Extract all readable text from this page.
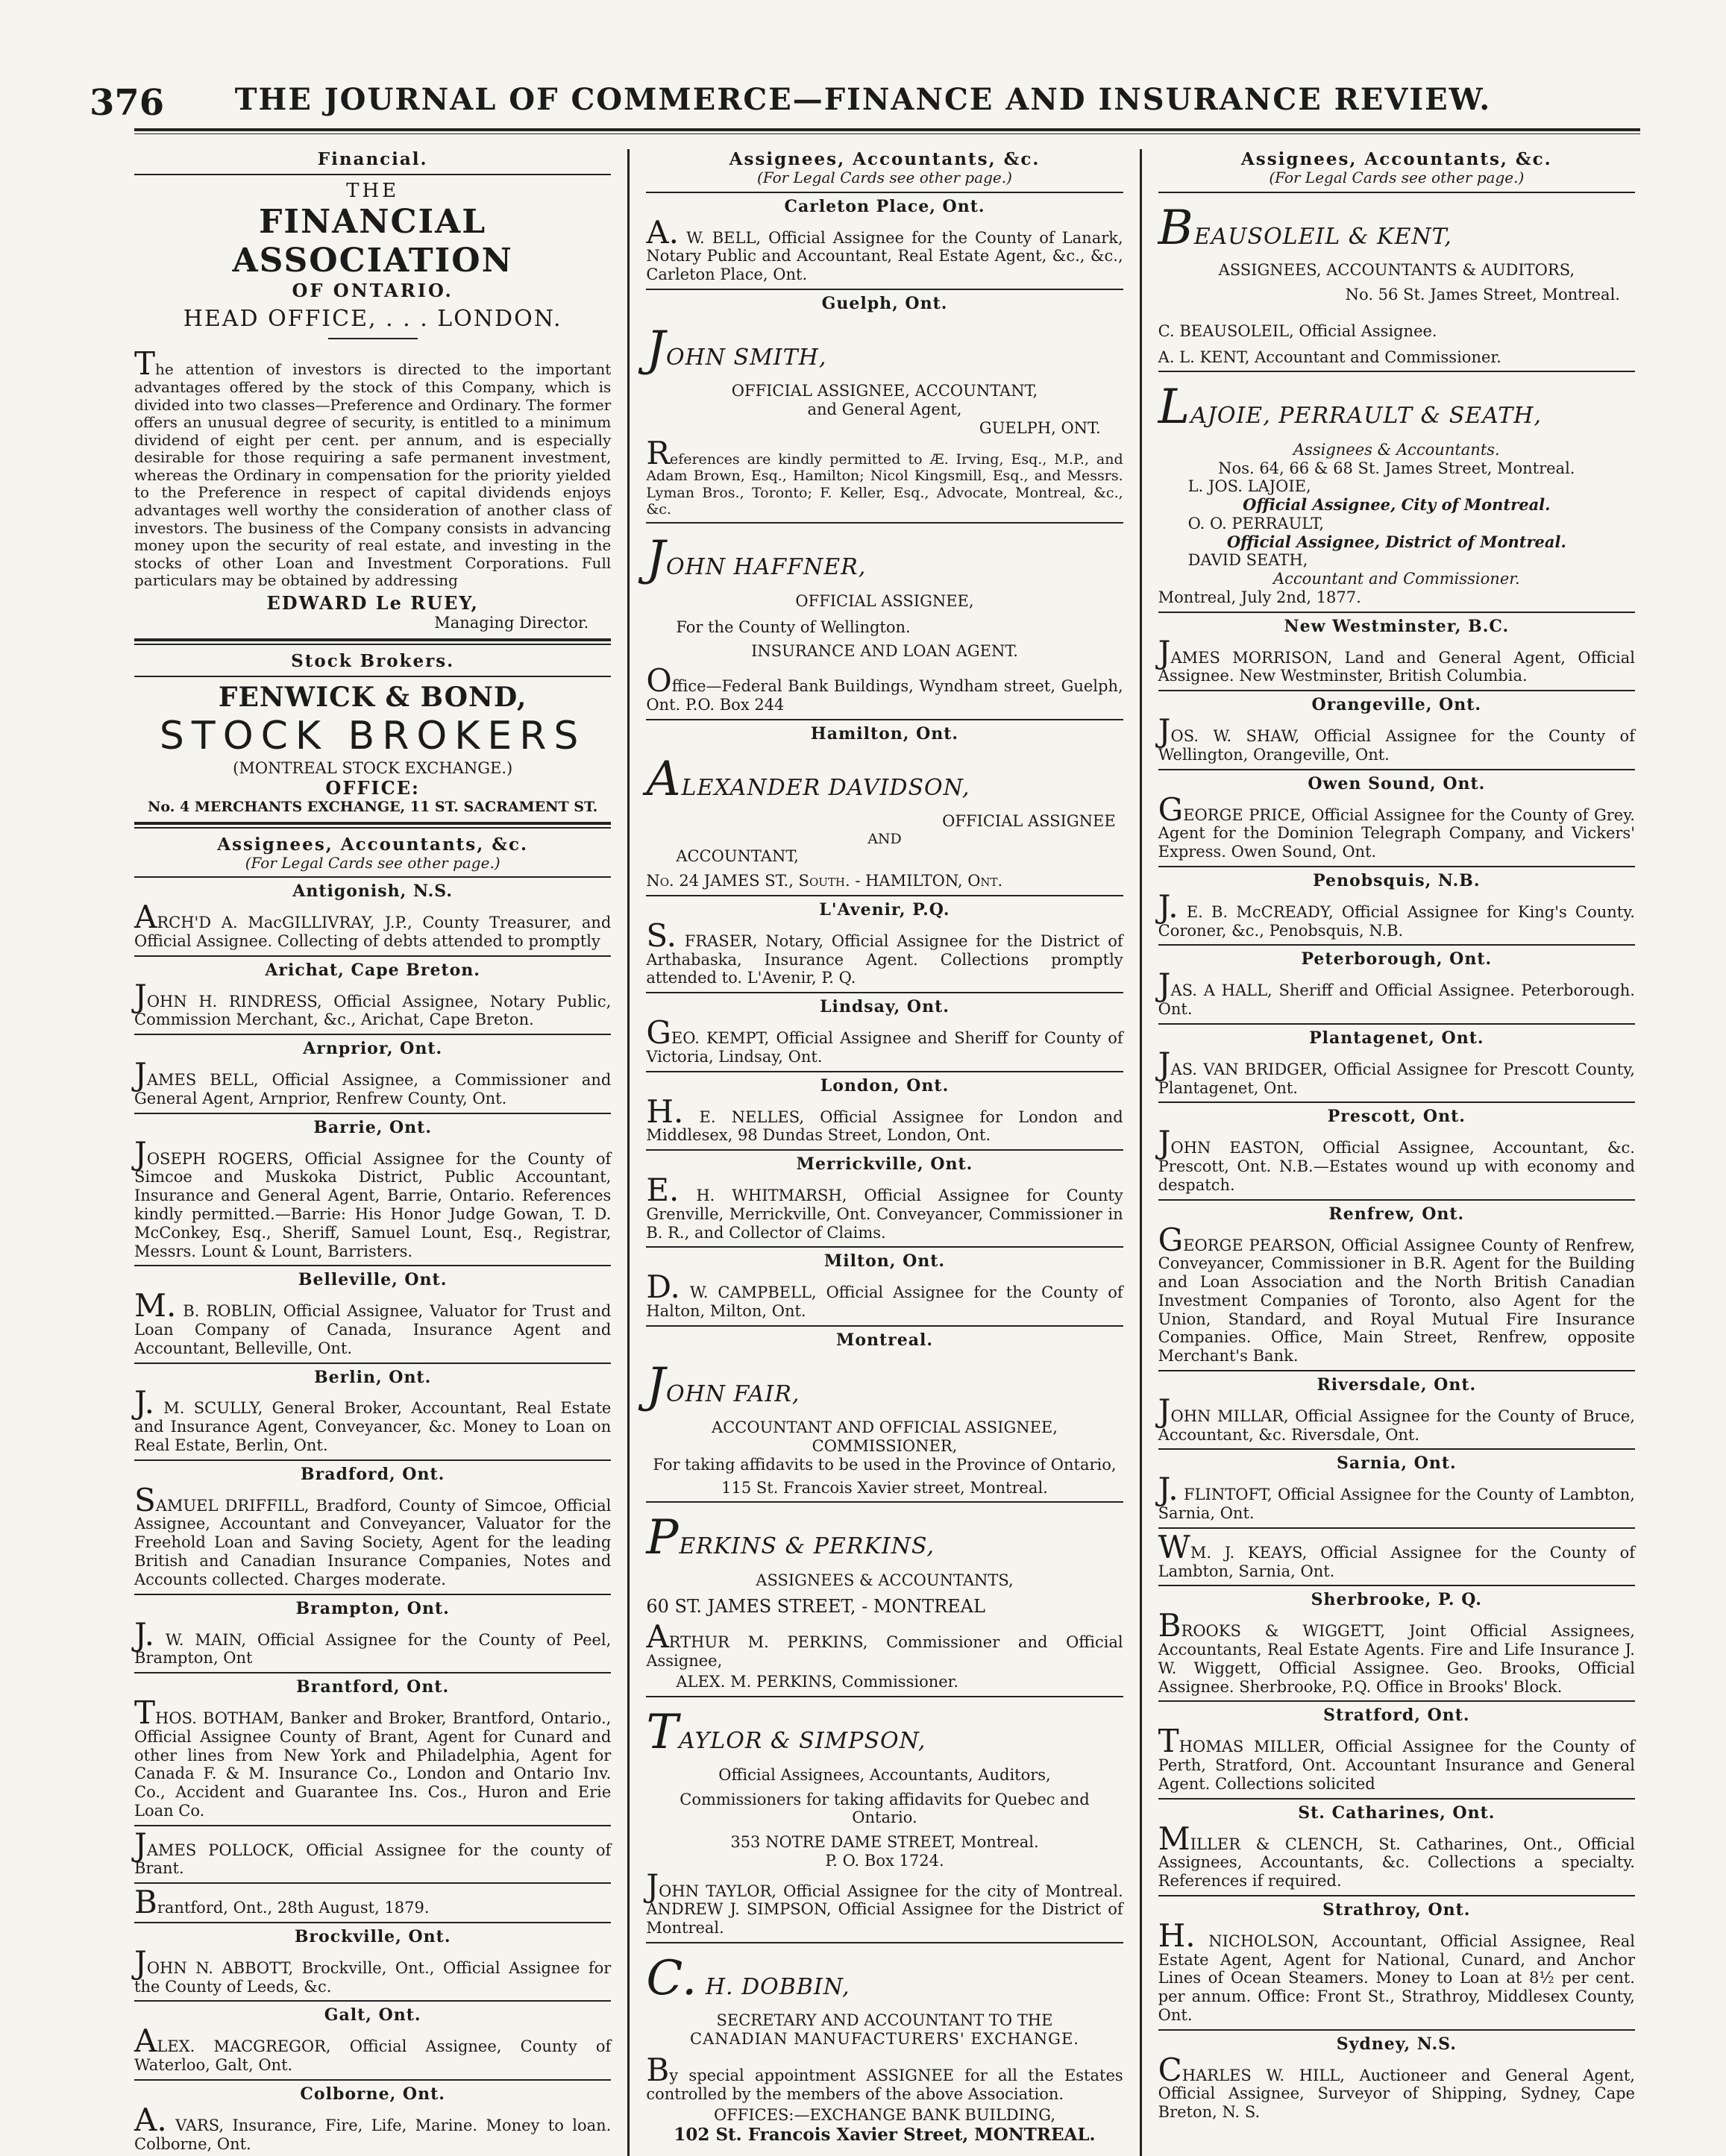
376	THE JOURNAL OF COMMERCE—FINANCE AND INSURANCE REVIEW.
Financial.
THE
FINANCIAL ASSOCIATION
OF ONTARIO.
HEAD OFFICE, . . . LONDON.
The attention of investors is directed to the important advantages offered by the stock of this Company, which is divided into two classes—Preference and Ordinary. The former offers an unusual degree of security, is entitled to a minimum dividend of eight per cent. per annum, and is especially desirable for those requiring a safe permanent investment, whereas the Ordinary in compensation for the priority yielded to the Preference in respect of capital dividends enjoys advantages well worthy the consideration of another class of investors. The business of the Company consists in advancing money upon the security of real estate, and investing in the stocks of other Loan and Investment Corporations. Full particulars may be obtained by addressing
EDWARD Le RUEY,
Managing Director.
Stock Brokers.
FENWICK & BOND,
STOCK BROKERS
(MONTREAL STOCK EXCHANGE.)
OFFICE:
No. 4 MERCHANTS EXCHANGE, 11 ST. SACRAMENT ST.
Assignees, Accountants, &c.
(For Legal Cards see other page.)
Antigonish, N.S.
ARCH'D A. MacGILLIVRAY, J.P., County Treasurer, and Official Assignee. Collecting of debts attended to promptly
Arichat, Cape Breton.
JOHN H. RINDRESS, Official Assignee, Notary Public, Commission Merchant, &c., Arichat, Cape Breton.
Arnprior, Ont.
JAMES BELL, Official Assignee, a Commissioner and General Agent, Arnprior, Renfrew County, Ont.
Barrie, Ont.
JOSEPH ROGERS, Official Assignee for the County of Simcoe and Muskoka District, Public Accountant, Insurance and General Agent, Barrie, Ontario. References kindly permitted.—Barrie: His Honor Judge Gowan, T. D. McConkey, Esq., Sheriff, Samuel Lount, Esq., Registrar, Messrs. Lount & Lount, Barristers.
Belleville, Ont.
M. B. ROBLIN, Official Assignee, Valuator for Trust and Loan Company of Canada, Insurance Agent and Accountant, Belleville, Ont.
Berlin, Ont.
J. M. SCULLY, General Broker, Accountant, Real Estate and Insurance Agent, Conveyancer, &c. Money to Loan on Real Estate, Berlin, Ont.
Bradford, Ont.
SAMUEL DRIFFILL, Bradford, County of Simcoe, Official Assignee, Accountant and Conveyancer, Valuator for the Freehold Loan and Saving Society, Agent for the leading British and Canadian Insurance Companies, Notes and Accounts collected. Charges moderate.
Brampton, Ont.
J. W. MAIN, Official Assignee for the County of Peel, Brampton, Ont
Brantford, Ont.
THOS. BOTHAM, Banker and Broker, Brantford, Ontario., Official Assignee County of Brant, Agent for Cunard and other lines from New York and Philadelphia, Agent for Canada F. & M. Insurance Co., London and Ontario Inv. Co., Accident and Guarantee Ins. Cos., Huron and Erie Loan Co.
JAMES POLLOCK, Official Assignee for the county of Brant.
Brantford, Ont., 28th August, 1879.
Brockville, Ont.
JOHN N. ABBOTT, Brockville, Ont., Official Assignee for the County of Leeds, &c.
Galt, Ont.
ALEX. MACGREGOR, Official Assignee, County of Waterloo, Galt, Ont.
Colborne, Ont.
A. VARS, Insurance, Fire, Life, Marine. Money to loan. Colborne, Ont.
Assignees, Accountants, &c.
(For Legal Cards see other page.)
Carleton Place, Ont.
A. W. BELL, Official Assignee for the County of Lanark, Notary Public and Accountant, Real Estate Agent, &c., &c., Carleton Place, Ont.
Guelph, Ont.
JOHN SMITH,
OFFICIAL ASSIGNEE, ACCOUNTANT,
and General Agent,
GUELPH, ONT.
References are kindly permitted to Æ. Irving, Esq., M.P., and Adam Brown, Esq., Hamilton; Nicol Kingsmill, Esq., and Messrs. Lyman Bros., Toronto; F. Keller, Esq., Advocate, Montreal, &c., &c.
JOHN HAFFNER,
OFFICIAL ASSIGNEE,
For the County of Wellington.
INSURANCE AND LOAN AGENT.
Office—Federal Bank Buildings, Wyndham street, Guelph, Ont. P.O. Box 244
Hamilton, Ont.
ALEXANDER DAVIDSON,
OFFICIAL ASSIGNEE
AND
ACCOUNTANT,
No. 24 JAMES ST., South. - HAMILTON, Ont.
L'Avenir, P.Q.
S. FRASER, Notary, Official Assignee for the District of Arthabaska, Insurance Agent. Collections promptly attended to. L'Avenir, P. Q.
Lindsay, Ont.
GEO. KEMPT, Official Assignee and Sheriff for County of Victoria, Lindsay, Ont.
London, Ont.
H. E. NELLES, Official Assignee for London and Middlesex, 98 Dundas Street, London, Ont.
Merrickville, Ont.
E. H. WHITMARSH, Official Assignee for County Grenville, Merrickville, Ont. Conveyancer, Commissioner in B. R., and Collector of Claims.
Milton, Ont.
D. W. CAMPBELL, Official Assignee for the County of Halton, Milton, Ont.
Montreal.
JOHN FAIR,
ACCOUNTANT AND OFFICIAL ASSIGNEE,
COMMISSIONER,
For taking affidavits to be used in the Province of Ontario,
115 St. Francois Xavier street, Montreal.
PERKINS & PERKINS,
ASSIGNEES & ACCOUNTANTS,
60 ST. JAMES STREET, - MONTREAL
ARTHUR M. PERKINS, Commissioner and Official Assignee,
ALEX. M. PERKINS, Commissioner.
TAYLOR & SIMPSON,
Official Assignees, Accountants, Auditors,
Commissioners for taking affidavits for Quebec and Ontario.
353 NOTRE DAME STREET, Montreal.
P. O. Box 1724.
JOHN TAYLOR, Official Assignee for the city of Montreal. ANDREW J. SIMPSON, Official Assignee for the District of Montreal.
C. H. DOBBIN,
SECRETARY AND ACCOUNTANT TO THE
CANADIAN MANUFACTURERS' EXCHANGE.
By special appointment ASSIGNEE for all the Estates controlled by the members of the above Association.
OFFICES:—EXCHANGE BANK BUILDING,
102 St. Francois Xavier Street, MONTREAL.
Assignees, Accountants, &c.
(For Legal Cards see other page.)
BEAUSOLEIL & KENT,
ASSIGNEES, ACCOUNTANTS & AUDITORS,
No. 56 St. James Street, Montreal.
C. BEAUSOLEIL, Official Assignee.
A. L. KENT, Accountant and Commissioner.
LAJOIE, PERRAULT & SEATH,
Assignees & Accountants.
Nos. 64, 66 & 68 St. James Street, Montreal.
L. JOS. LAJOIE,
Official Assignee, City of Montreal.
O. O. PERRAULT,
Official Assignee, District of Montreal.
DAVID SEATH,
Accountant and Commissioner.
Montreal, July 2nd, 1877.
New Westminster, B.C.
JAMES MORRISON, Land and General Agent, Official Assignee. New Westminster, British Columbia.
Orangeville, Ont.
JOS. W. SHAW, Official Assignee for the County of Wellington, Orangeville, Ont.
Owen Sound, Ont.
GEORGE PRICE, Official Assignee for the County of Grey. Agent for the Dominion Telegraph Company, and Vickers' Express. Owen Sound, Ont.
Penobsquis, N.B.
J. E. B. McCREADY, Official Assignee for King's County. Coroner, &c., Penobsquis, N.B.
Peterborough, Ont.
JAS. A HALL, Sheriff and Official Assignee. Peterborough. Ont.
Plantagenet, Ont.
JAS. VAN BRIDGER, Official Assignee for Prescott County, Plantagenet, Ont.
Prescott, Ont.
JOHN EASTON, Official Assignee, Accountant, &c. Prescott, Ont. N.B.—Estates wound up with economy and despatch.
Renfrew, Ont.
GEORGE PEARSON, Official Assignee County of Renfrew, Conveyancer, Commissioner in B.R. Agent for the Building and Loan Association and the North British Canadian Investment Companies of Toronto, also Agent for the Union, Standard, and Royal Mutual Fire Insurance Companies. Office, Main Street, Renfrew, opposite Merchant's Bank.
Riversdale, Ont.
JOHN MILLAR, Official Assignee for the County of Bruce, Accountant, &c. Riversdale, Ont.
Sarnia, Ont.
J. FLINTOFT, Official Assignee for the County of Lambton, Sarnia, Ont.
WM. J. KEAYS, Official Assignee for the County of Lambton, Sarnia, Ont.
Sherbrooke, P. Q.
BROOKS & WIGGETT, Joint Official Assignees, Accountants, Real Estate Agents. Fire and Life Insurance J. W. Wiggett, Official Assignee. Geo. Brooks, Official Assignee. Sherbrooke, P.Q. Office in Brooks' Block.
Stratford, Ont.
THOMAS MILLER, Official Assignee for the County of Perth, Stratford, Ont. Accountant Insurance and General Agent. Collections solicited
St. Catharines, Ont.
MILLER & CLENCH, St. Catharines, Ont., Official Assignees, Accountants, &c. Collections a specialty. References if required.
Strathroy, Ont.
H. NICHOLSON, Accountant, Official Assignee, Real Estate Agent, Agent for National, Cunard, and Anchor Lines of Ocean Steamers. Money to Loan at 8½ per cent. per annum. Office: Front St., Strathroy, Middlesex County, Ont.
Sydney, N.S.
CHARLES W. HILL, Auctioneer and General Agent, Official Assignee, Surveyor of Shipping, Sydney, Cape Breton, N. S.
